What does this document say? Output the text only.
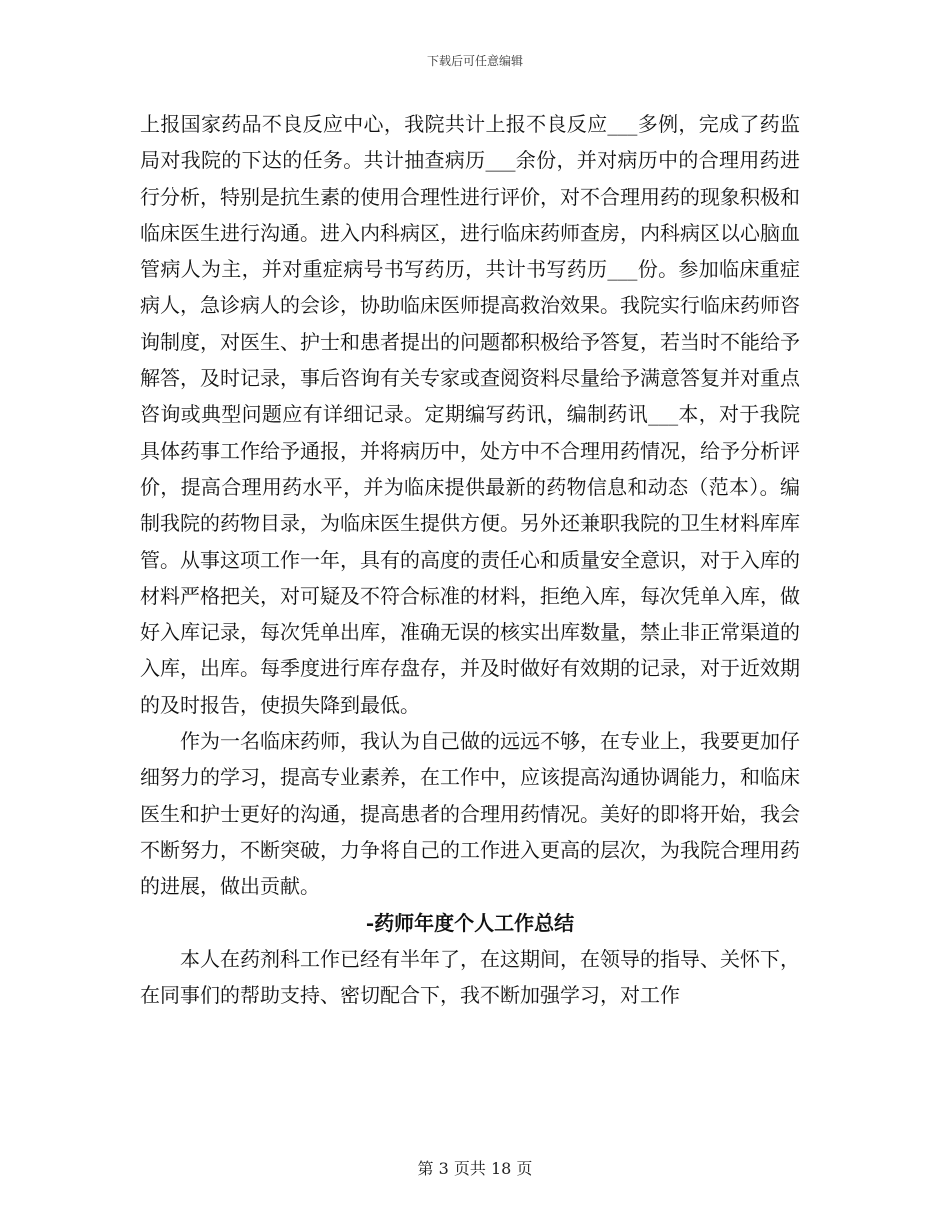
下载后可任意编辑

上报国家药品不良反应中心，我院共计上报不良反应___多例，完成了药监局对我院的下达的任务。共计抽查病历___余份，并对病历中的合理用药进行分析，特别是抗生素的使用合理性进行评价，对不合理用药的现象积极和临床医生进行沟通。进入内科病区，进行临床药师查房，内科病区以心脑血管病人为主，并对重症病号书写药历，共计书写药历___份。参加临床重症病人，急诊病人的会诊，协助临床医师提高救治效果。我院实行临床药师咨询制度，对医生、护士和患者提出的问题都积极给予答复，若当时不能给予解答，及时记录，事后咨询有关专家或查阅资料尽量给予满意答复并对重点咨询或典型问题应有详细记录。定期编写药讯，编制药讯___本，对于我院具体药事工作给予通报，并将病历中，处方中不合理用药情况，给予分析评价，提高合理用药水平，并为临床提供最新的药物信息和动态（范本）。编制我院的药物目录，为临床医生提供方便。另外还兼职我院的卫生材料库库管。从事这项工作一年，具有的高度的责任心和质量安全意识，对于入库的材料严格把关，对可疑及不符合标准的材料，拒绝入库，每次凭单入库，做好入库记录，每次凭单出库，准确无误的核实出库数量，禁止非正常渠道的入库，出库。每季度进行库存盘存，并及时做好有效期的记录，对于近效期的及时报告，使损失降到最低。

作为一名临床药师，我认为自己做的远远不够，在专业上，我要更加仔细努力的学习，提高专业素养，在工作中，应该提高沟通协调能力，和临床医生和护士更好的沟通，提高患者的合理用药情况。美好的即将开始，我会不断努力，不断突破，力争将自己的工作进入更高的层次，为我院合理用药的进展，做出贡献。

-药师年度个人工作总结

本人在药剂科工作已经有半年了，在这期间，在领导的指导、关怀下，在同事们的帮助支持、密切配合下，我不断加强学习，对工作

第 3 页共 18 页
